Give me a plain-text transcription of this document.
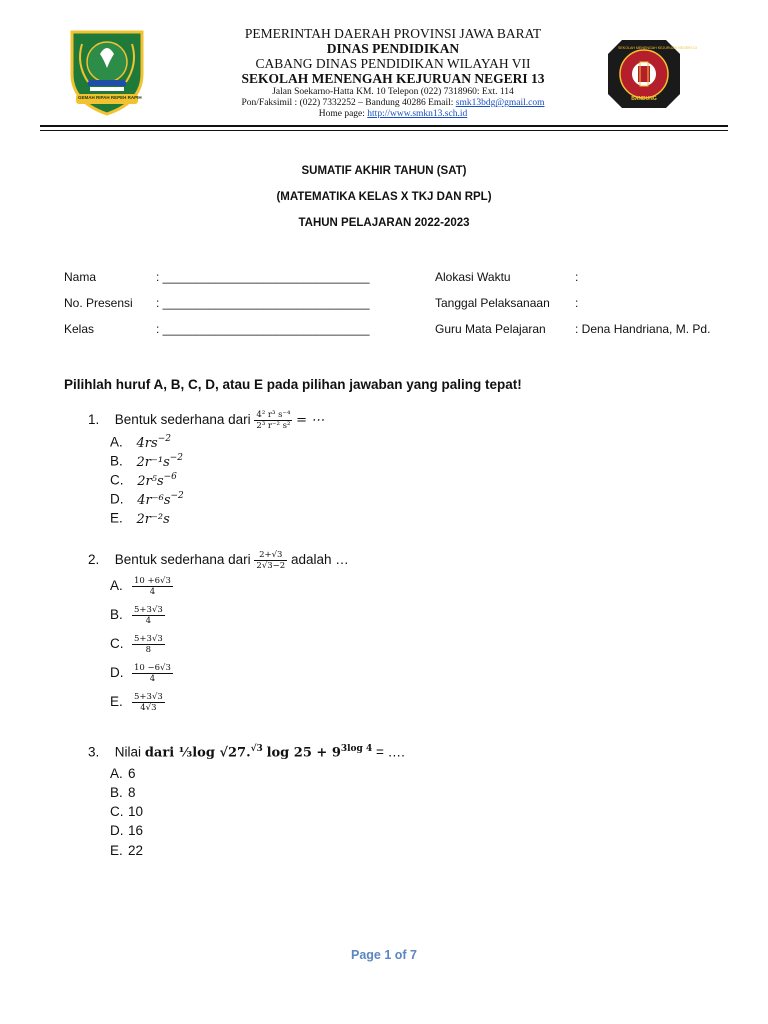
GEMAH RIPAH REPEH RAPIH
SEKOLAH MENENGAH KEJURUAN NEGERI 13
BANDUNG
PEMERINTAH DAERAH PROVINSI JAWA BARAT
DINAS PENDIDIKAN
CABANG DINAS PENDIDIKAN WILAYAH VII
SEKOLAH MENENGAH KEJURUAN NEGERI 13
Jalan Soekarno-Hatta KM. 10 Telepon (022) 7318960: Ext. 114
Pon/Faksimil : (022) 7332252 – Bandung 40286 Email: smk13bdg@gmail.com
Home page: http://www.smkn13.sch.id
SUMATIF AKHIR TAHUN (SAT)
(MATEMATIKA KELAS X TKJ DAN RPL)
TAHUN PELAJARAN 2022-2023
Nama	: _______________________________
No. Presensi : _______________________________
Kelas	: _______________________________
Alokasi Waktu	:
Tanggal Pelaksanaan :
Guru Mata Pelajaran : Dena Handriana, M. Pd.
Pilihlah huruf A, B, C, D, atau E pada pilihan jawaban yang paling tepat!
1. Bentuk sederhana dari $\frac{\text{4² r³ s⁻⁴}}{\text{2³ r⁻² s²}}$ = ⋯
A. $4rs^{-2}$
B. $2r^{-1}s^{-2}$
C. $2r^5s^{-6}$
D. $4r^{-6}s^{-2}$
E. 2r⁻²s
2. Bentuk sederhana dari $\frac{2+√3}{2√3-2}$ adalah …
A. $\frac{10 +6√3}{4}$
B. $\frac{5+3√3}{4}$
C. $\frac{5+3√3}{8}$
D. $\frac{10 -6√3}{4}$
E. $\frac{5+3√3}{4√3}$
3. Nilai dari ¹⁄₃log √27.$^{√3}$ $\log 25 + 9^{3log 4}$ = ….
A. 6
B. 8
C. 10
D. 16
E. 22
Page 1 of 7
